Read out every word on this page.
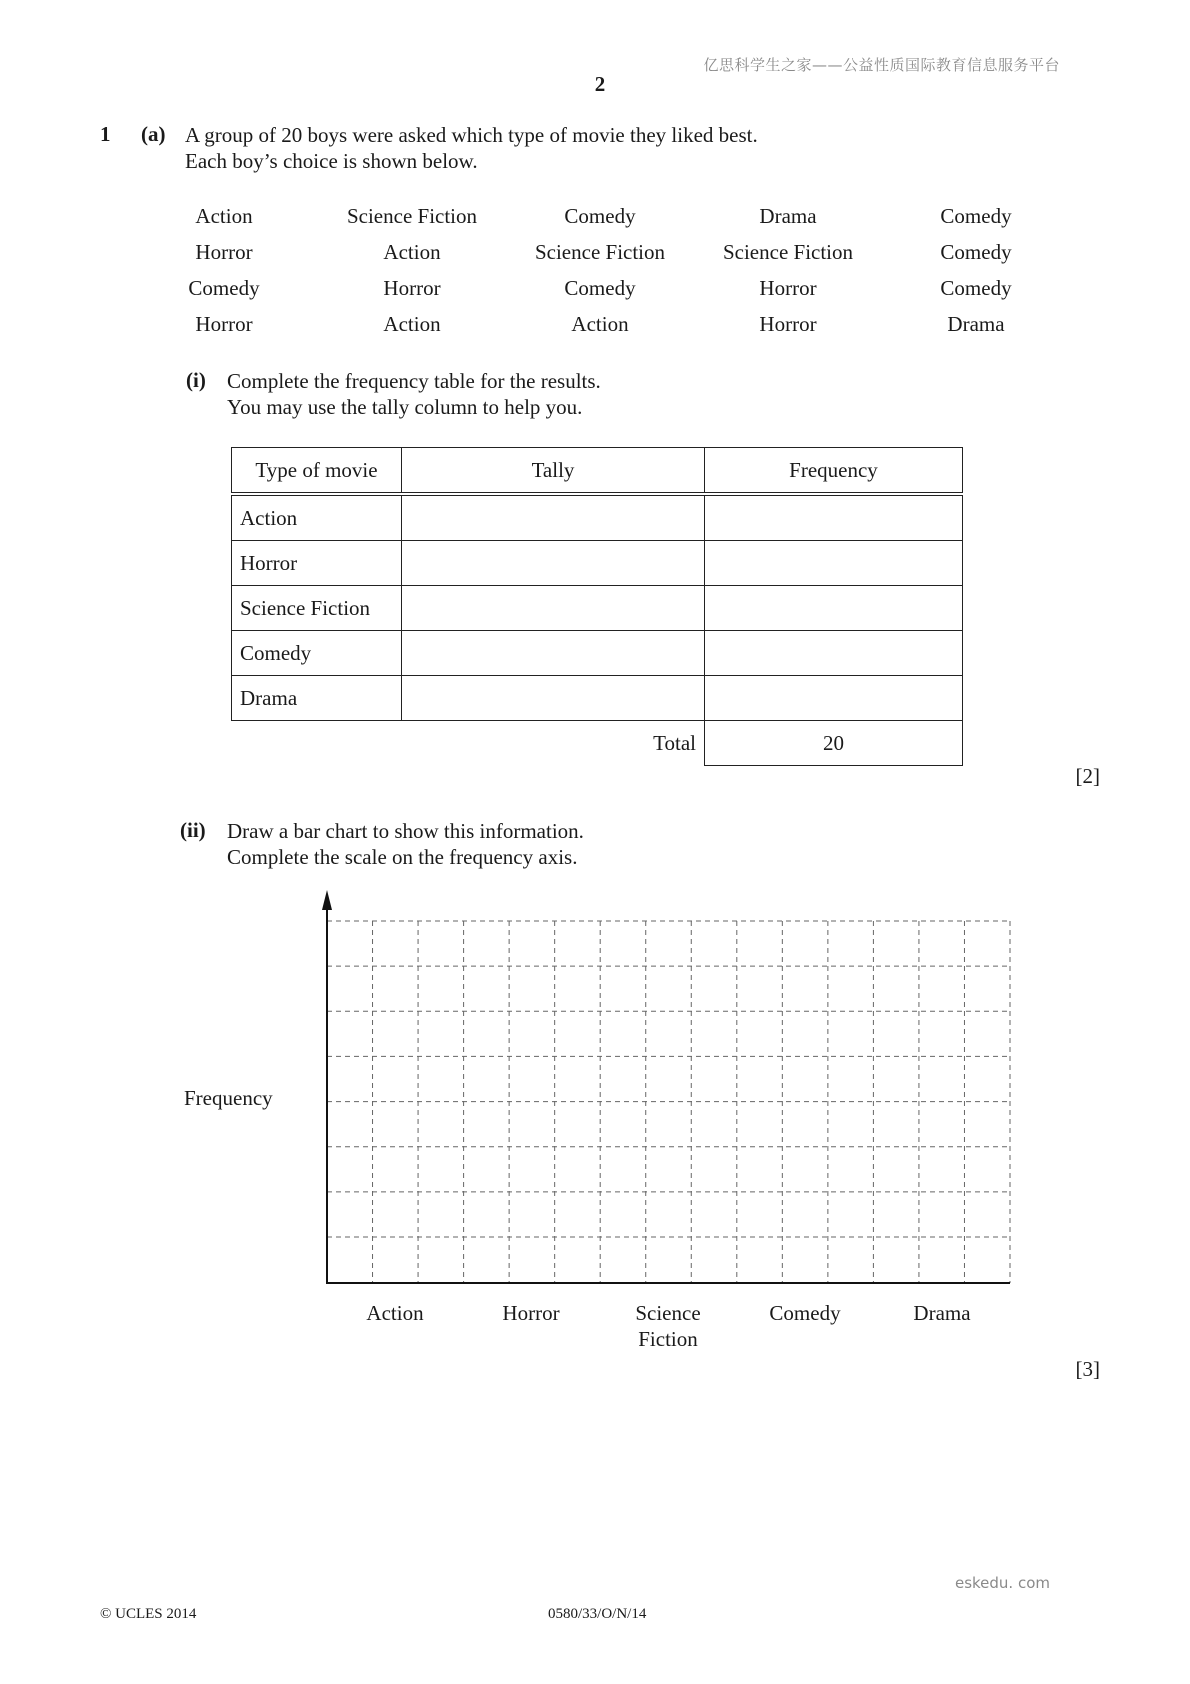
亿思科学生之家——公益性质国际教育信息服务平台
2
1 (a) A group of 20 boys were asked which type of movie they liked best.
Each boy’s choice is shown below.
Action	Science Fiction	Comedy	Drama	Comedy
Horror	Action	Science Fiction	Science Fiction	Comedy
Comedy	Horror	Comedy	Horror	Comedy
Horror	Action	Action	Horror	Drama
(i) Complete the frequency table for the results.
You may use the tally column to help you.
Type of movie	Tally	Frequency
Action		
Horror		
Science Fiction		
Comedy		
Drama		
Total		20
[2]
(ii) Draw a bar chart to show this information.
Complete the scale on the frequency axis.
Frequency
Action	Horror	Science
Fiction
Comedy	Drama
[3]
eskedu. com
© UCLES 2014	0580/33/O/N/14
